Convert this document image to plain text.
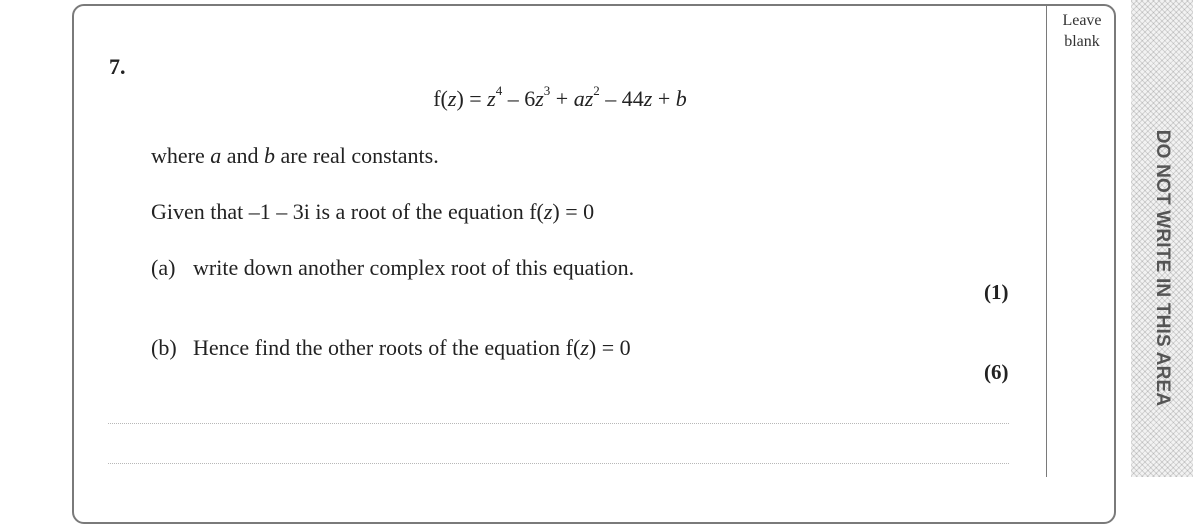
Leave
blank
7.
$f(z) = z^4 - 6z^3 + az^2 - 44z + b$
where a and b are real constants.
Given that –1 – 3i is a root of the equation f(z) = 0
(a) write down another complex root of this equation.
(1)
(b) Hence find the other roots of the equation f(z) = 0
(6)	DO NOT WRITE IN THIS AREA
